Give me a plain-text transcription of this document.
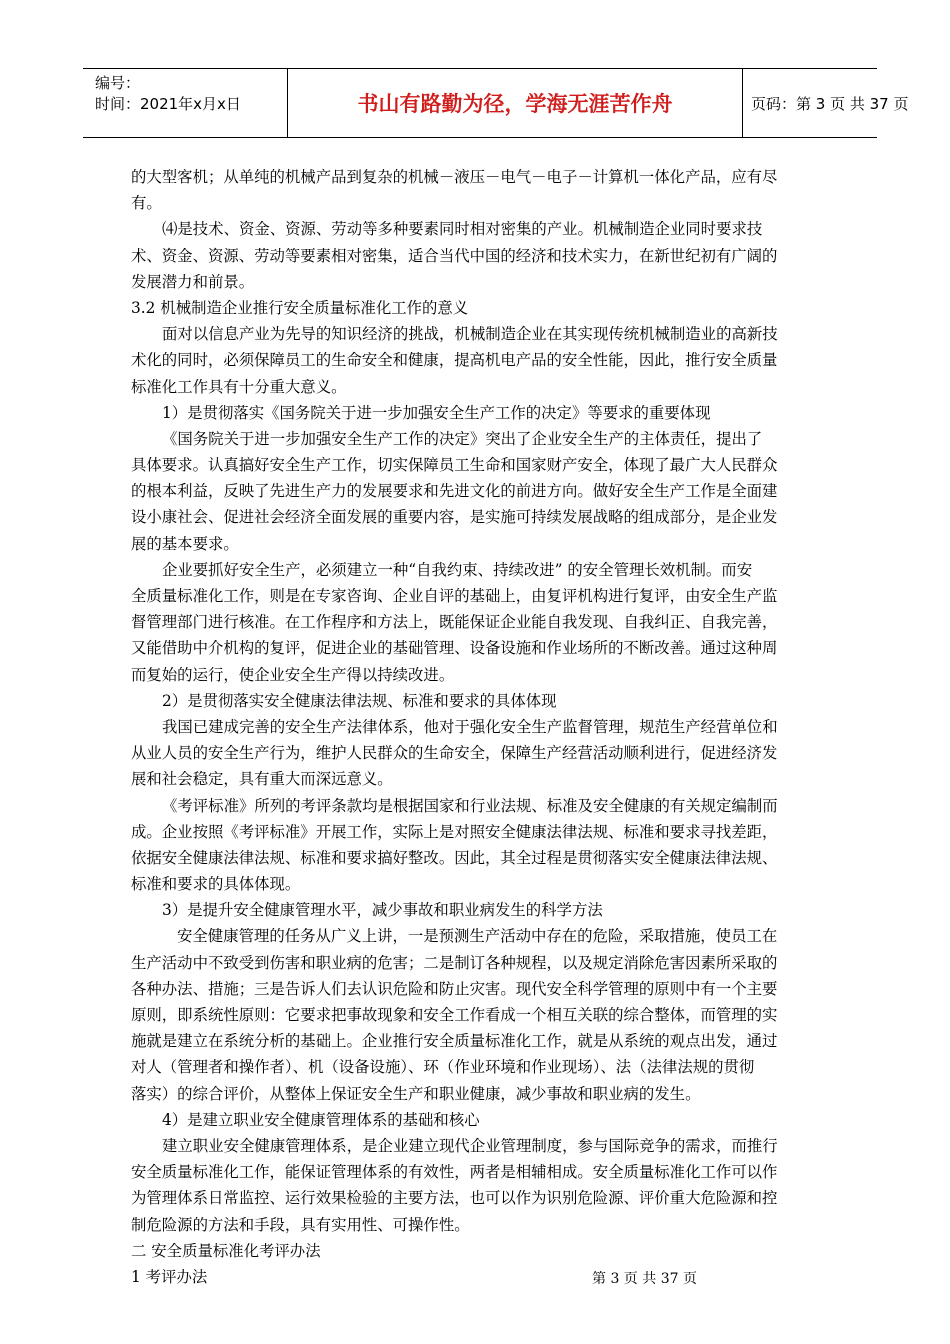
编号：
时间：2021年x月x日	书山有路勤为径，学海无涯苦作舟	页码：第 3 页 共 37 页
的大型客机；从单纯的机械产品到复杂的机械－液压－电气－电子－计算机一体化产品，应有尽
有。
⑷是技术、资金、资源、劳动等多种要素同时相对密集的产业。机械制造企业同时要求技
术、资金、资源、劳动等要素相对密集，适合当代中国的经济和技术实力，在新世纪初有广阔的
发展潜力和前景。
3.2 机械制造企业推行安全质量标准化工作的意义
面对以信息产业为先导的知识经济的挑战，机械制造企业在其实现传统机械制造业的高新技
术化的同时，必须保障员工的生命安全和健康，提高机电产品的安全性能，因此，推行安全质量
标准化工作具有十分重大意义。
1）是贯彻落实《国务院关于进一步加强安全生产工作的决定》等要求的重要体现
《国务院关于进一步加强安全生产工作的决定》突出了企业安全生产的主体责任，提出了
具体要求。认真搞好安全生产工作，切实保障员工生命和国家财产安全，体现了最广大人民群众
的根本利益，反映了先进生产力的发展要求和先进文化的前进方向。做好安全生产工作是全面建
设小康社会、促进社会经济全面发展的重要内容，是实施可持续发展战略的组成部分，是企业发
展的基本要求。
企业要抓好安全生产，必须建立一种“自我约束、持续改进” 的安全管理长效机制。而安
全质量标准化工作，则是在专家咨询、企业自评的基础上，由复评机构进行复评，由安全生产监
督管理部门进行核准。在工作程序和方法上，既能保证企业能自我发现、自我纠正、自我完善，
又能借助中介机构的复评，促进企业的基础管理、设备设施和作业场所的不断改善。通过这种周
而复始的运行，使企业安全生产得以持续改进。
2）是贯彻落实安全健康法律法规、标准和要求的具体体现
我国已建成完善的安全生产法律体系，他对于强化安全生产监督管理，规范生产经营单位和
从业人员的安全生产行为，维护人民群众的生命安全，保障生产经营活动顺利进行，促进经济发
展和社会稳定，具有重大而深远意义。
《考评标准》所列的考评条款均是根据国家和行业法规、标准及安全健康的有关规定编制而
成。企业按照《考评标准》开展工作，实际上是对照安全健康法律法规、标准和要求寻找差距，
依据安全健康法律法规、标准和要求搞好整改。因此，其全过程是贯彻落实安全健康法律法规、
标准和要求的具体体现。
3）是提升安全健康管理水平，减少事故和职业病发生的科学方法
安全健康管理的任务从广义上讲，一是预测生产活动中存在的危险，采取措施，使员工在
生产活动中不致受到伤害和职业病的危害；二是制订各种规程，以及规定消除危害因素所采取的
各种办法、措施；三是告诉人们去认识危险和防止灾害。现代安全科学管理的原则中有一个主要
原则，即系统性原则：它要求把事故现象和安全工作看成一个相互关联的综合整体，而管理的实
施就是建立在系统分析的基础上。企业推行安全质量标准化工作，就是从系统的观点出发，通过
对人（管理者和操作者）、机（设备设施）、环（作业环境和作业现场）、法（法律法规的贯彻
落实）的综合评价，从整体上保证安全生产和职业健康，减少事故和职业病的发生。
4）是建立职业安全健康管理体系的基础和核心
建立职业安全健康管理体系，是企业建立现代企业管理制度，参与国际竞争的需求，而推行
安全质量标准化工作，能保证管理体系的有效性，两者是相辅相成。安全质量标准化工作可以作
为管理体系日常监控、运行效果检验的主要方法，也可以作为识别危险源、评价重大危险源和控
制危险源的方法和手段，具有实用性、可操作性。
二 安全质量标准化考评办法
1 考评办法	第 3 页 共 37 页
